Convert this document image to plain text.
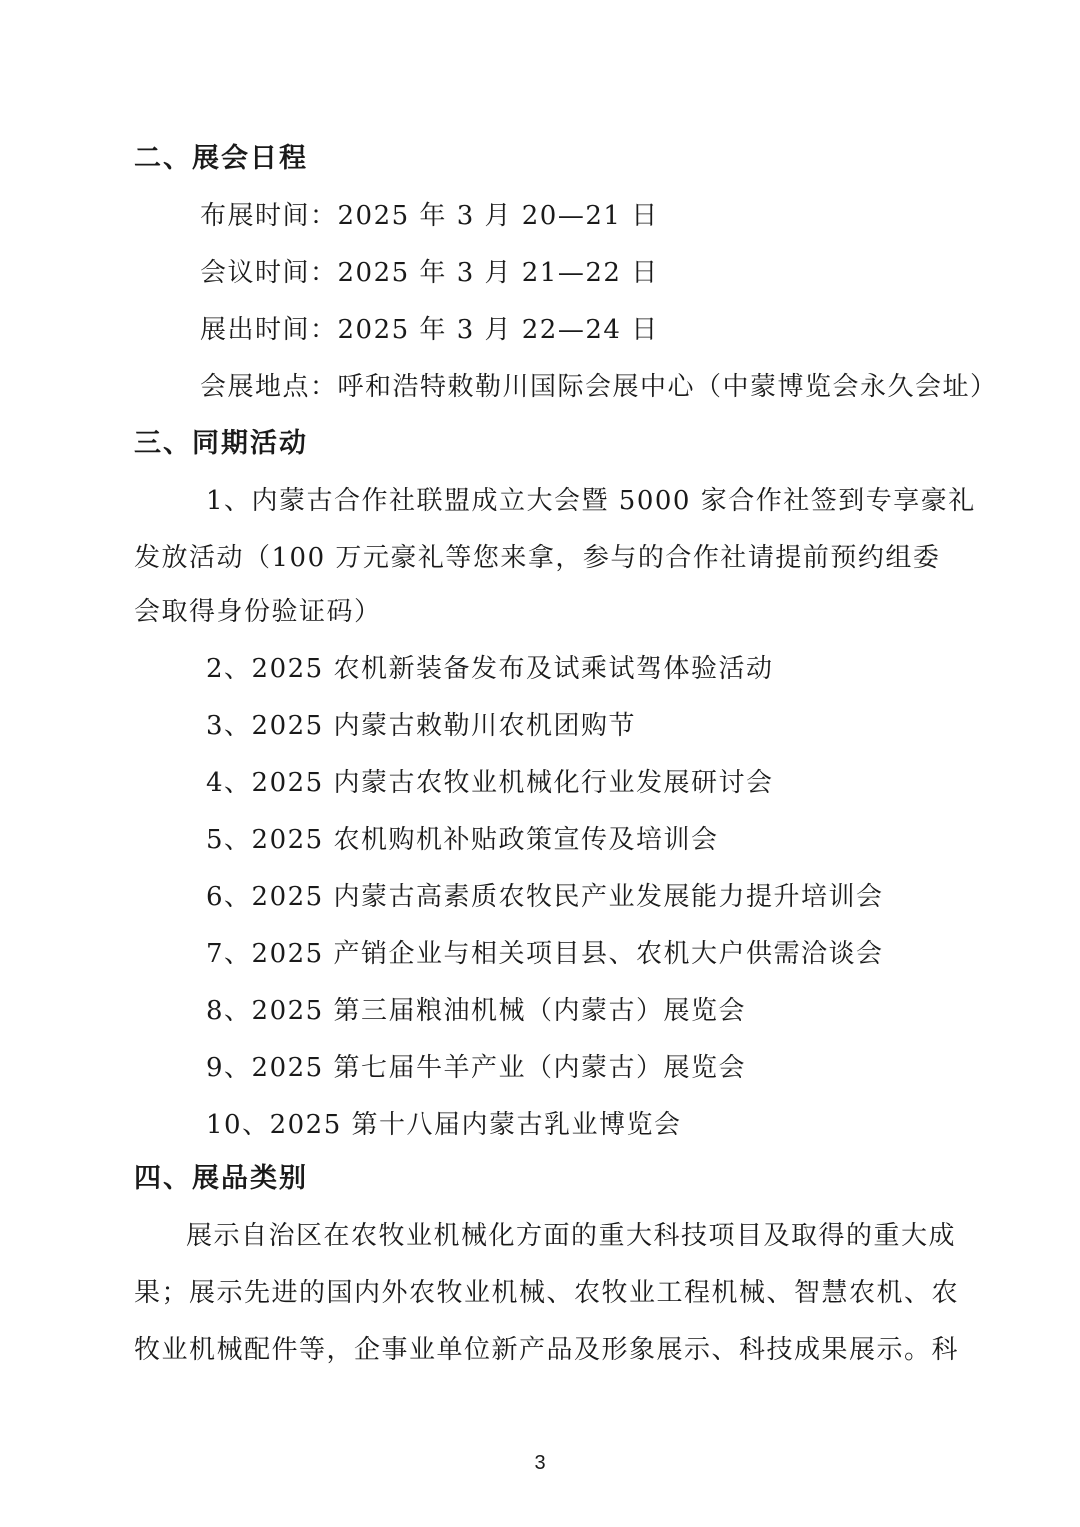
二、展会日程
布展时间：2025 年 3 月 20—21 日
会议时间：2025 年 3 月 21—22 日
展出时间：2025 年 3 月 22—24 日
会展地点：呼和浩特敕勒川国际会展中心（中蒙博览会永久会址）
三、同期活动
1、内蒙古合作社联盟成立大会暨 5000 家合作社签到专享豪礼
发放活动（100 万元豪礼等您来拿，参与的合作社请提前预约组委
会取得身份验证码）
2、2025 农机新装备发布及试乘试驾体验活动
3、2025 内蒙古敕勒川农机团购节
4、2025 内蒙古农牧业机械化行业发展研讨会
5、2025 农机购机补贴政策宣传及培训会
6、2025 内蒙古高素质农牧民产业发展能力提升培训会
7、2025 产销企业与相关项目县、农机大户供需洽谈会
8、2025 第三届粮油机械（内蒙古）展览会
9、2025 第七届牛羊产业（内蒙古）展览会
10、2025 第十八届内蒙古乳业博览会
四、展品类别
展示自治区在农牧业机械化方面的重大科技项目及取得的重大成
果；展示先进的国内外农牧业机械、农牧业工程机械、智慧农机、农
牧业机械配件等，企事业单位新产品及形象展示、科技成果展示。科
3
